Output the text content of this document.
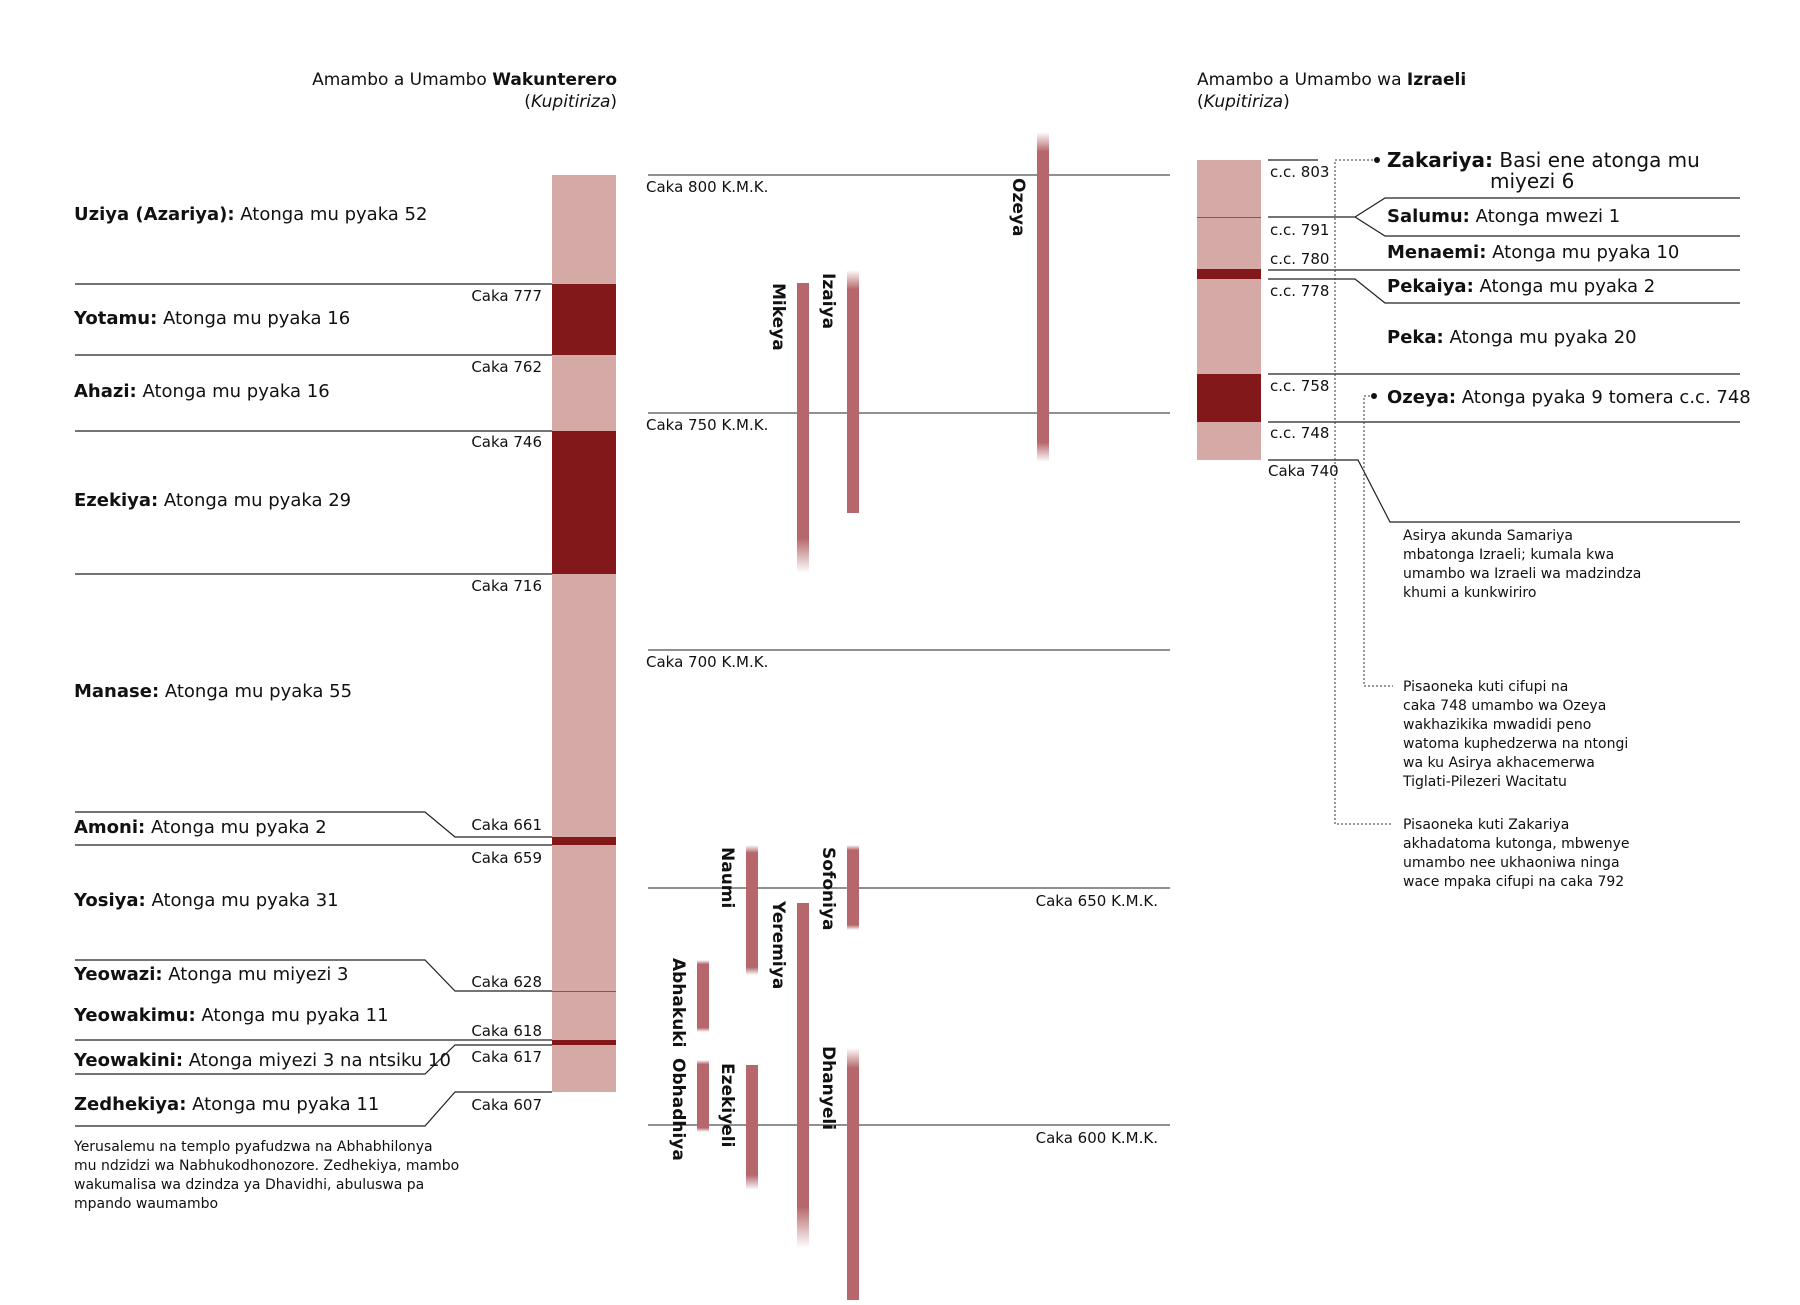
Amambo a Umambo Wakunterero
(Kupitiriza)
Caka 777
Caka 762
Caka 746
Caka 716
Caka 661
Caka 659
Caka 628
Caka 618
Caka 617
Caka 607
Uziya (Azariya): Atonga mu pyaka 52
Yotamu: Atonga mu pyaka 16
Ahazi: Atonga mu pyaka 16
Ezekiya: Atonga mu pyaka 29
Manase: Atonga mu pyaka 55
Amoni: Atonga mu pyaka 2
Yosiya: Atonga mu pyaka 31
Yeowazi: Atonga mu miyezi 3
Yeowakimu: Atonga mu pyaka 11
Yeowakini: Atonga miyezi 3 na ntsiku 10
Zedhekiya: Atonga mu pyaka 11
Yerusalemu na templo pyafudzwa na Abhabhilonya
mu ndzidzi wa Nabhukodhonozore. Zedhekiya, mambo
wakumalisa wa dzindza ya Dhavidhi, abuluswa pa
mpando waumambo
Caka 800 K.M.K.
Caka 750 K.M.K.
Caka 700 K.M.K.
Caka 650 K.M.K.
Caka 600 K.M.K.
Ozeya
Izaiya
Mikeya
Naumi	Sofoniya
Yeremiya
Abhakuki
Obhadhiya Ezekiyeli	Dhanyeli
Amambo a Umambo wa Izraeli
(Kupitiriza)
c.c. 803
c.c. 791
c.c. 780
c.c. 778
c.c. 758
c.c. 748
Caka 740
Zakariya: Basi ene atonga mu
miyezi 6
Salumu: Atonga mwezi 1
Menaemi: Atonga mu pyaka 10
Pekaiya: Atonga mu pyaka 2
Peka: Atonga mu pyaka 20
Ozeya: Atonga pyaka 9 tomera c.c. 748
Asirya akunda Samariya
mbatonga Izraeli; kumala kwa
umambo wa Izraeli wa madzindza
khumi a kunkwiriro
Pisaoneka kuti cifupi na
caka 748 umambo wa Ozeya
wakhazikika mwadidi peno
watoma kuphedzerwa na ntongi
wa ku Asirya akhacemerwa
Tiglati-Pilezeri Wacitatu
Pisaoneka kuti Zakariya
akhadatoma kutonga, mbwenye
umambo nee ukhaoniwa ninga
wace mpaka cifupi na caka 792
